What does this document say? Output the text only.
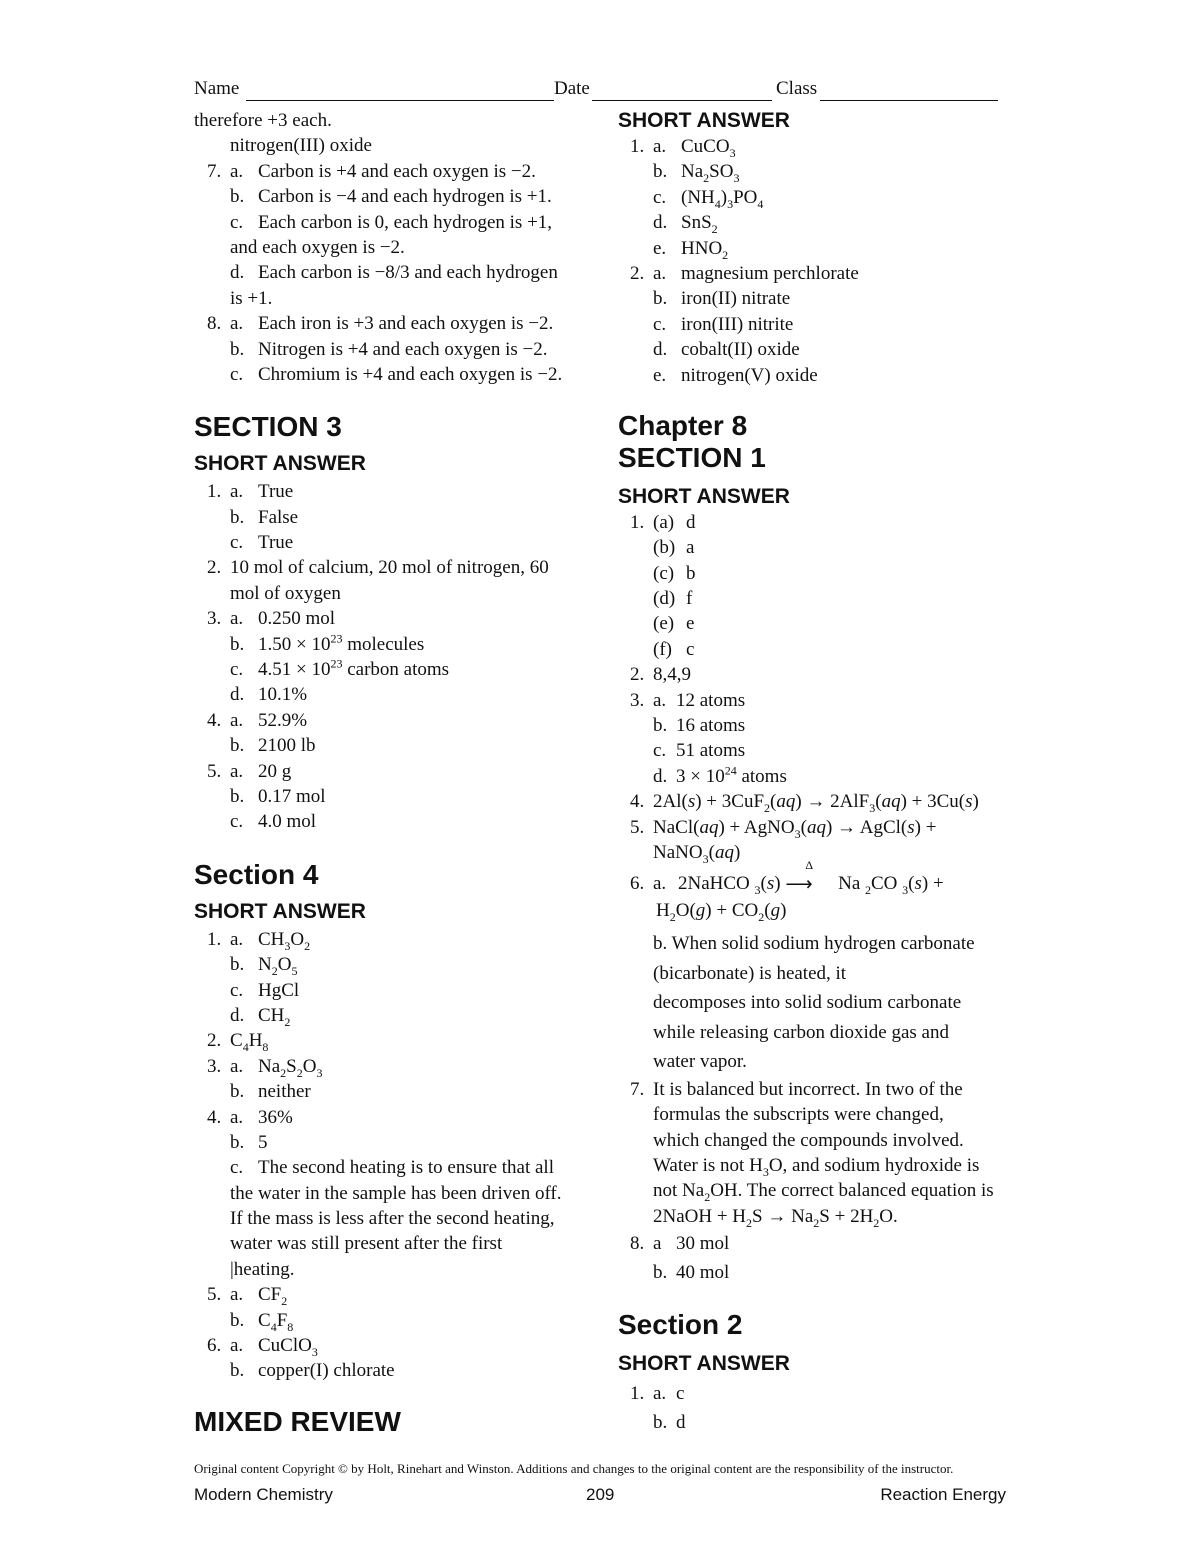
Name	Date	Class
therefore +3 each.
nitrogen(III) oxide
7. a. Carbon is +4 and each oxygen is −2.
b. Carbon is −4 and each hydrogen is +1.
c. Each carbon is 0, each hydrogen is +1,
and each oxygen is −2.
d. Each carbon is −8/3 and each hydrogen
is +1.
8. a. Each iron is +3 and each oxygen is −2.
b. Nitrogen is +4 and each oxygen is −2.
c. Chromium is +4 and each oxygen is −2.
SECTION 3
SHORT ANSWER
1. a. True
b. False
c. True
2. 10 mol of calcium, 20 mol of nitrogen, 60
mol of oxygen
3. a. 0.250 mol
b. $1.50 \times 10^{23}$ molecules
c. $4.51 \times 10^{23}$ carbon atoms
d. 10.1%
4. a. 52.9%
b. 2100 lb
5. a. 20 g
b. 0.17 mol
c. 4.0 mol
Section 4
SHORT ANSWER
1. a. $CH_3O_2$
b. $N_2O_5$
c. HgCl
d. $CH_2$
2. $C_4H_8$
3. a. $Na_2S_2O_3$
b. neither
4. a. 36%
b. 5
c. The second heating is to ensure that all
the water in the sample has been driven off.
If the mass is less after the second heating,
water was still present after the first
|heating.
5. a. $CF_2$
b. $C_4F_8$
6. a. CuClO$_3$
b. copper(I) chlorate
MIXED REVIEW
SHORT ANSWER
1. a. CuCO$_3$
b. $Na_2SO_3$
c. $(NH_4)_3PO_4$
d. SnS$_2$
e. $HNO_2$
2. a. magnesium perchlorate
b. iron(II) nitrate
c. iron(III) nitrite
d. cobalt(II) oxide
e. nitrogen(V) oxide
Chapter 8
SECTION 1
SHORT ANSWER
1. (a) d
(b) a
(c) b
(d) f
(e) e
(f) c
2. 8,4,9
3. a. 12 atoms
b. 16 atoms
c. 51 atoms
d. $3 \times 10^{24}$ atoms
4. 2Al(s) + 3CuF$_2$(aq) → 2AlF$_3$(aq) + 3Cu(s)
5. NaCl(aq) + AgNO$_3$(aq) → AgCl(s) +
NaNO$_3$(aq)
6. a. 2NaHCO $_3$(s)
Δ
⟶ Na $_2$CO $_3$(s) +
$H_2O(g) + CO_2(g)$
b. When solid sodium hydrogen carbonate
(bicarbonate) is heated, it
decomposes into solid sodium carbonate
while releasing carbon dioxide gas and
water vapor.
7. It is balanced but incorrect. In two of the
formulas the subscripts were changed,
which changed the compounds involved.
Water is not $H_3O$, and sodium hydroxide is
not $Na_2OH$. The correct balanced equation is
2NaOH + $H_2S \to Na_2S + 2H_2O$.
8. a 30 mol
b. 40 mol
Section 2
SHORT ANSWER
1. a. c
b. d
Original content Copyright © by Holt, Rinehart and Winston. Additions and changes to the original content are the responsibility of the instructor.
Modern Chemistry	209	Reaction Energy
